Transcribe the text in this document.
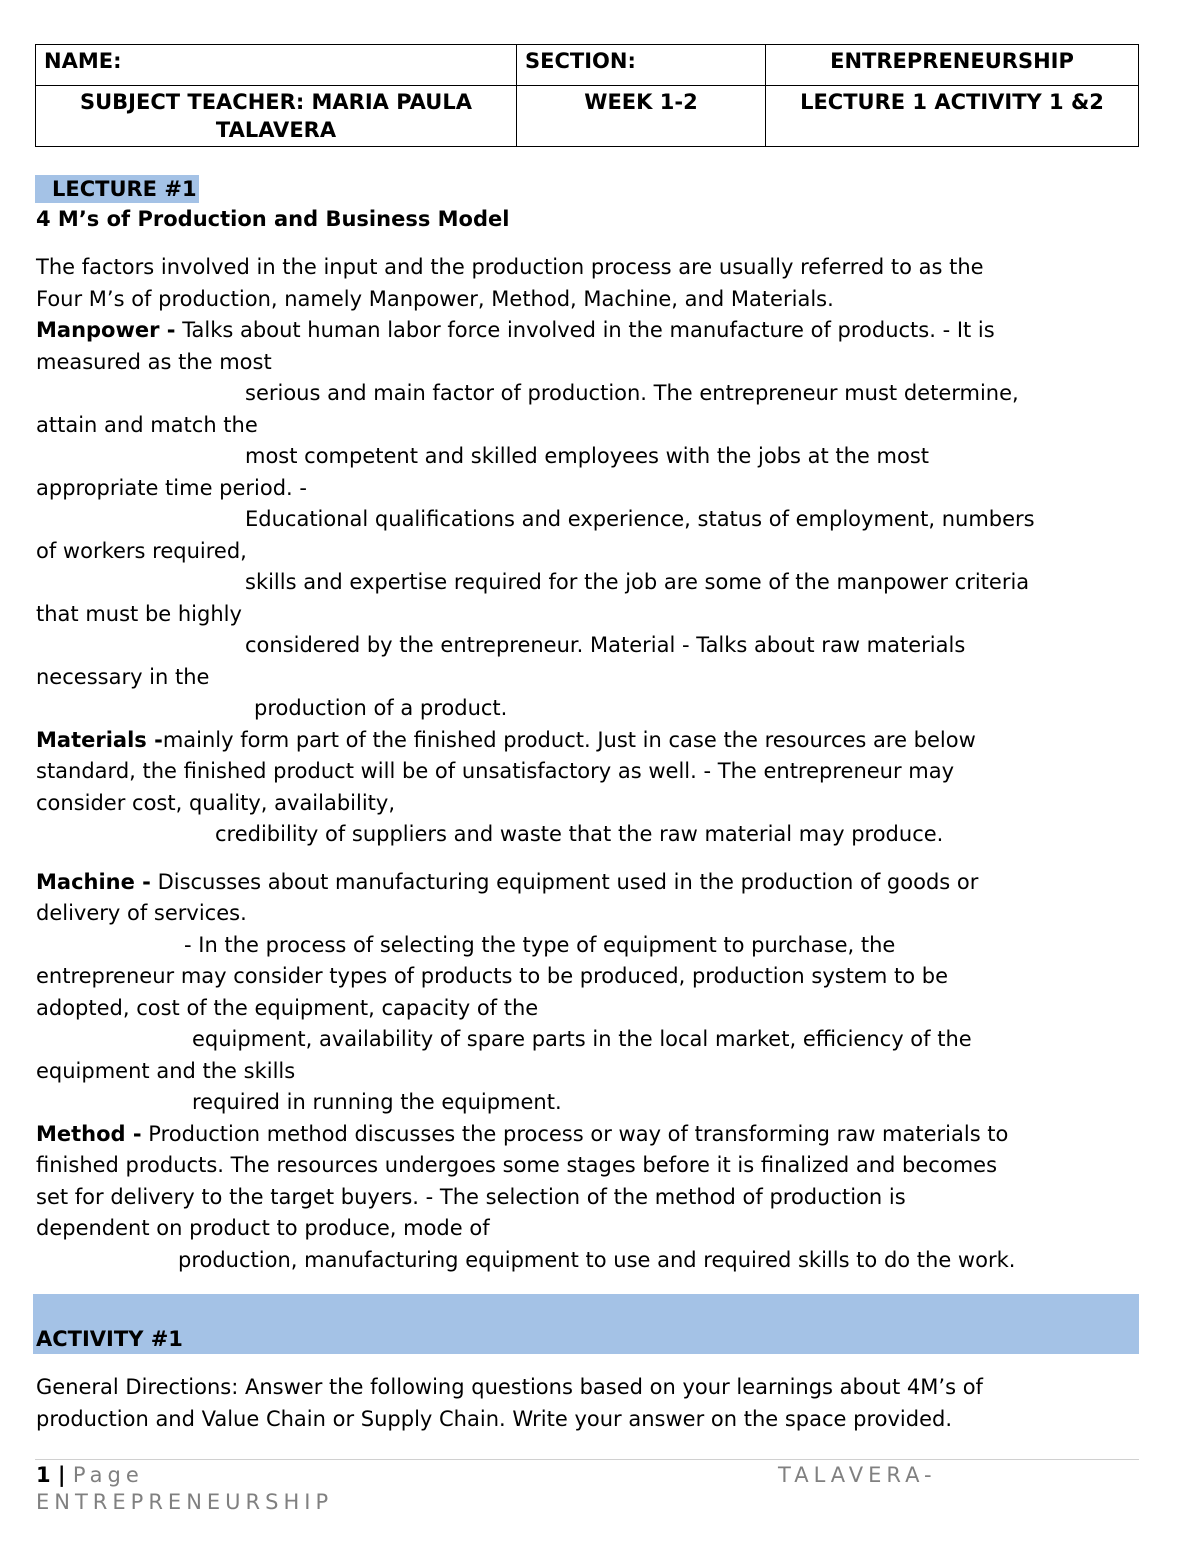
NAME:	SECTION:	ENTREPRENEURSHIP
SUBJECT TEACHER: MARIA PAULA TALAVERA	WEEK 1-2	LECTURE 1 ACTIVITY 1 &2
LECTURE #1
4 M’s of Production and Business Model
The factors involved in the input and the production process are usually referred to as the
Four M’s of production, namely Manpower, Method, Machine, and Materials.
Manpower - Talks about human labor force involved in the manufacture of products. - It is
measured as the most
serious and main factor of production. The entrepreneur must determine,
attain and match the
most competent and skilled employees with the jobs at the most
appropriate time period. -
Educational qualifications and experience, status of employment, numbers
of workers required,
skills and expertise required for the job are some of the manpower criteria
that must be highly
considered by the entrepreneur. Material - Talks about raw materials
necessary in the
production of a product.
Materials -mainly form part of the finished product. Just in case the resources are below
standard, the finished product will be of unsatisfactory as well. - The entrepreneur may
consider cost, quality, availability,
credibility of suppliers and waste that the raw material may produce.
Machine - Discusses about manufacturing equipment used in the production of goods or
delivery of services.
- In the process of selecting the type of equipment to purchase, the
entrepreneur may consider types of products to be produced, production system to be
adopted, cost of the equipment, capacity of the
equipment, availability of spare parts in the local market, efficiency of the
equipment and the skills
required in running the equipment.
Method - Production method discusses the process or way of transforming raw materials to
finished products. The resources undergoes some stages before it is finalized and becomes
set for delivery to the target buyers. - The selection of the method of production is
dependent on product to produce, mode of
production, manufacturing equipment to use and required skills to do the work.
ACTIVITY #1
General Directions: Answer the following questions based on your learnings about 4M’s of
production and Value Chain or Supply Chain. Write your answer on the space provided.
1 | Page	TALAVERA-
ENTREPRENEURSHIP
